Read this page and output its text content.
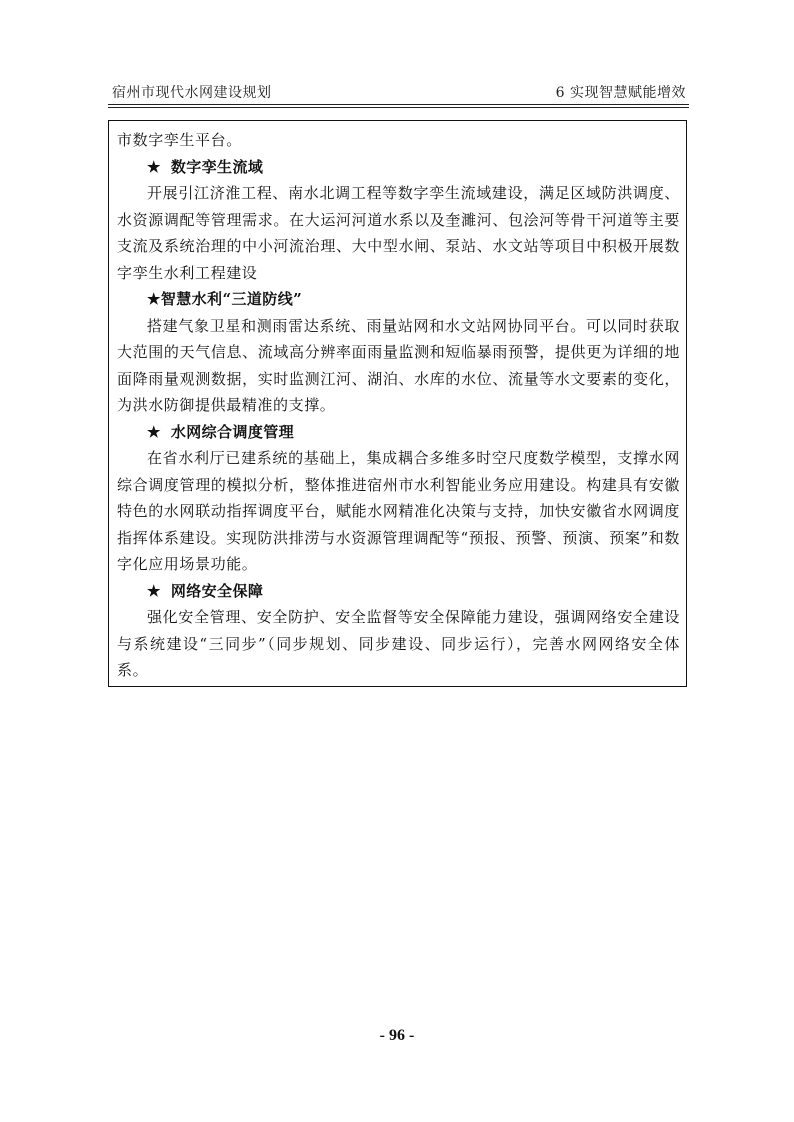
宿州市现代水网建设规划	6 实现智慧赋能增效

市数字孪生平台。

★ 数字孪生流域

开展引江济淮工程、南水北调工程等数字孪生流域建设，满足区域防洪调度、水资源调配等管理需求。在大运河河道水系以及奎濉河、包浍河等骨干河道等主要支流及系统治理的中小河流治理、大中型水闸、泵站、水文站等项目中积极开展数字孪生水利工程建设

★智慧水利“三道防线”

搭建气象卫星和测雨雷达系统、雨量站网和水文站网协同平台。可以同时获取大范围的天气信息、流域高分辨率面雨量监测和短临暴雨预警，提供更为详细的地面降雨量观测数据，实时监测江河、湖泊、水库的水位、流量等水文要素的变化，为洪水防御提供最精准的支撑。

★ 水网综合调度管理

在省水利厅已建系统的基础上，集成耦合多维多时空尺度数学模型，支撑水网综合调度管理的模拟分析，整体推进宿州市水利智能业务应用建设。构建具有安徽特色的水网联动指挥调度平台，赋能水网精准化决策与支持，加快安徽省水网调度指挥体系建设。实现防洪排涝与水资源管理调配等“预报、预警、预演、预案”和数字化应用场景功能。

★ 网络安全保障

强化安全管理、安全防护、安全监督等安全保障能力建设，强调网络安全建设与系统建设“三同步”（同步规划、同步建设、同步运行），完善水网网络安全体系。

- 96 -
